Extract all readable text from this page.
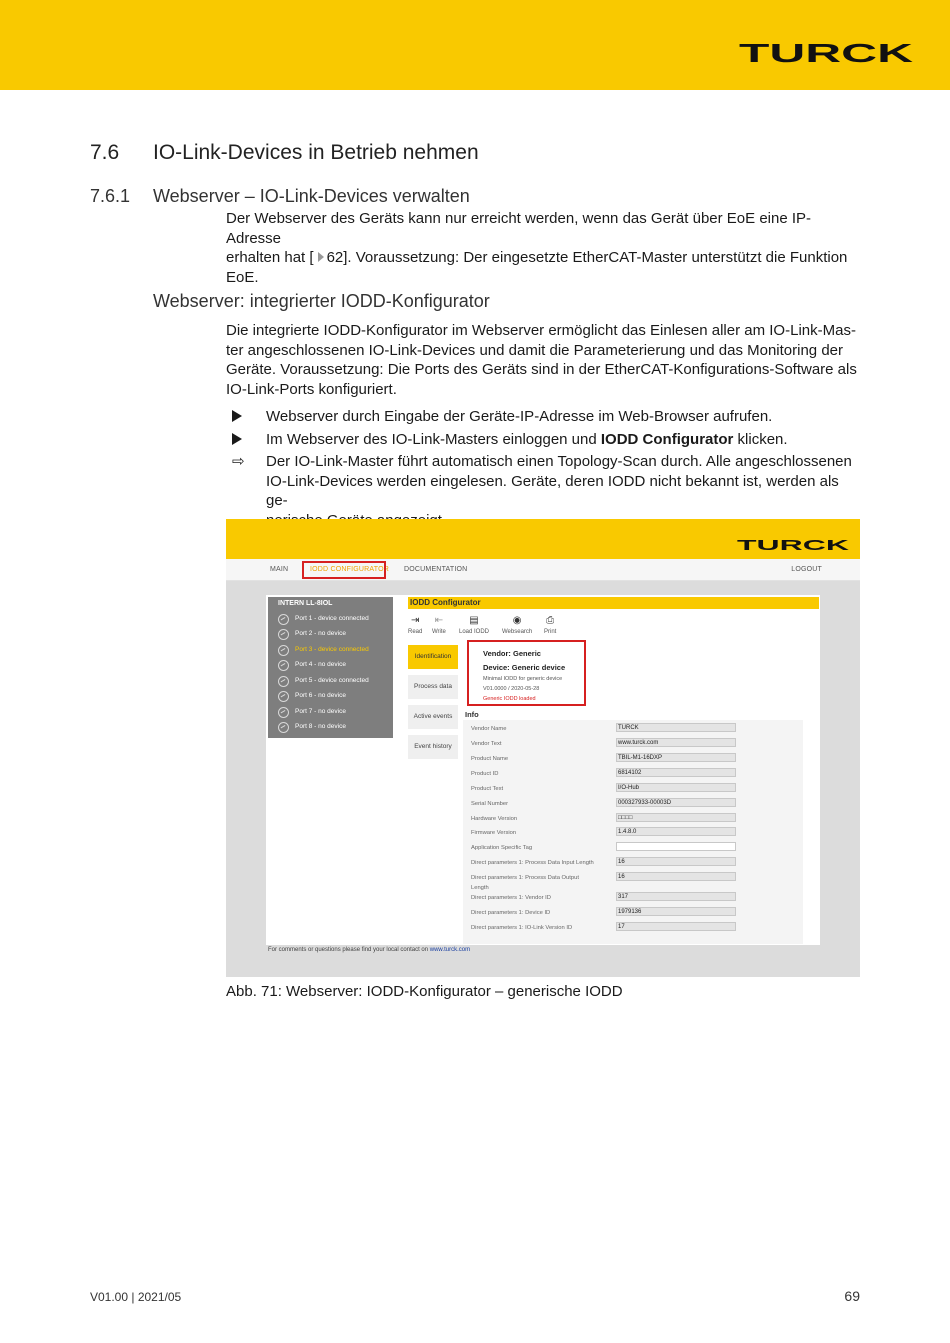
TURCK
7.6 IO-Link-Devices in Betrieb nehmen
7.6.1 Webserver – IO-Link-Devices verwalten
Der Webserver des Geräts kann nur erreicht werden, wenn das Gerät über EoE eine IP-Adresse
erhalten hat [ 62]. Voraussetzung: Der eingesetzte EtherCAT-Master unterstützt die Funktion
EoE.
Webserver: integrierter IODD-Konfigurator
Die integrierte IODD-Konfigurator im Webserver ermöglicht das Einlesen aller am IO-Link-Mas-
ter angeschlossenen IO-Link-Devices und damit die Parameterierung und das Monitoring der
Geräte. Voraussetzung: Die Ports des Geräts sind in der EtherCAT-Konfigurations-Software als
IO-Link-Ports konfiguriert.
Webserver durch Eingabe der Geräte-IP-Adresse im Web-Browser aufrufen.
Im Webserver des IO-Link-Masters einloggen und IODD Configurator klicken.
⇨	Der IO-Link-Master führt automatisch einen Topology-Scan durch. Alle angeschlossenen
IO-Link-Devices werden eingelesen. Geräte, deren IODD nicht bekannt ist, werden als ge-

TURCK
MAIN	IODD CONFIGURATOR DOCUMENTATION	LOGOUT
INTERN LL-8IOL
Port 1 - device connected
Port 2 - no device
Port 3 - device connected
Port 4 - no device
Port 5 - device connected
Port 6 - no device
Port 7 - no device
Port 8 - no device
IODD Configurator
⇥
Read
⇤
Write
▤
Load IODD
◉
Websearch
⎙
Print
Identification
Process data
Active events
Event history
Vendor: Generic
Device: Generic device
Minimal IODD for generic device
V01.0000 / 2020-05-28
Generic IODD loaded
Info
Vendor Name	TURCK
Vendor Text	www.turck.com
Product Name	TBIL-M1-16DXP
Product ID	6814102
Product Text	I/O-Hub
Serial Number	000327933-00003D
Hardware Version	□□□□
Firmware Version	1.4.8.0
Application Specific Tag
Direct parameters 1: Process Data Input Length	16
Direct parameters 1: Process Data Output
Length
16
Direct parameters 1: Vendor ID	317
Direct parameters 1: Device ID	1979136
Direct parameters 1: IO-Link Version ID	17
For comments or questions please find your local contact on www.turck.com
Abb. 71: Webserver: IODD-Konfigurator – generische IODD
V01.00 | 2021/05	69
